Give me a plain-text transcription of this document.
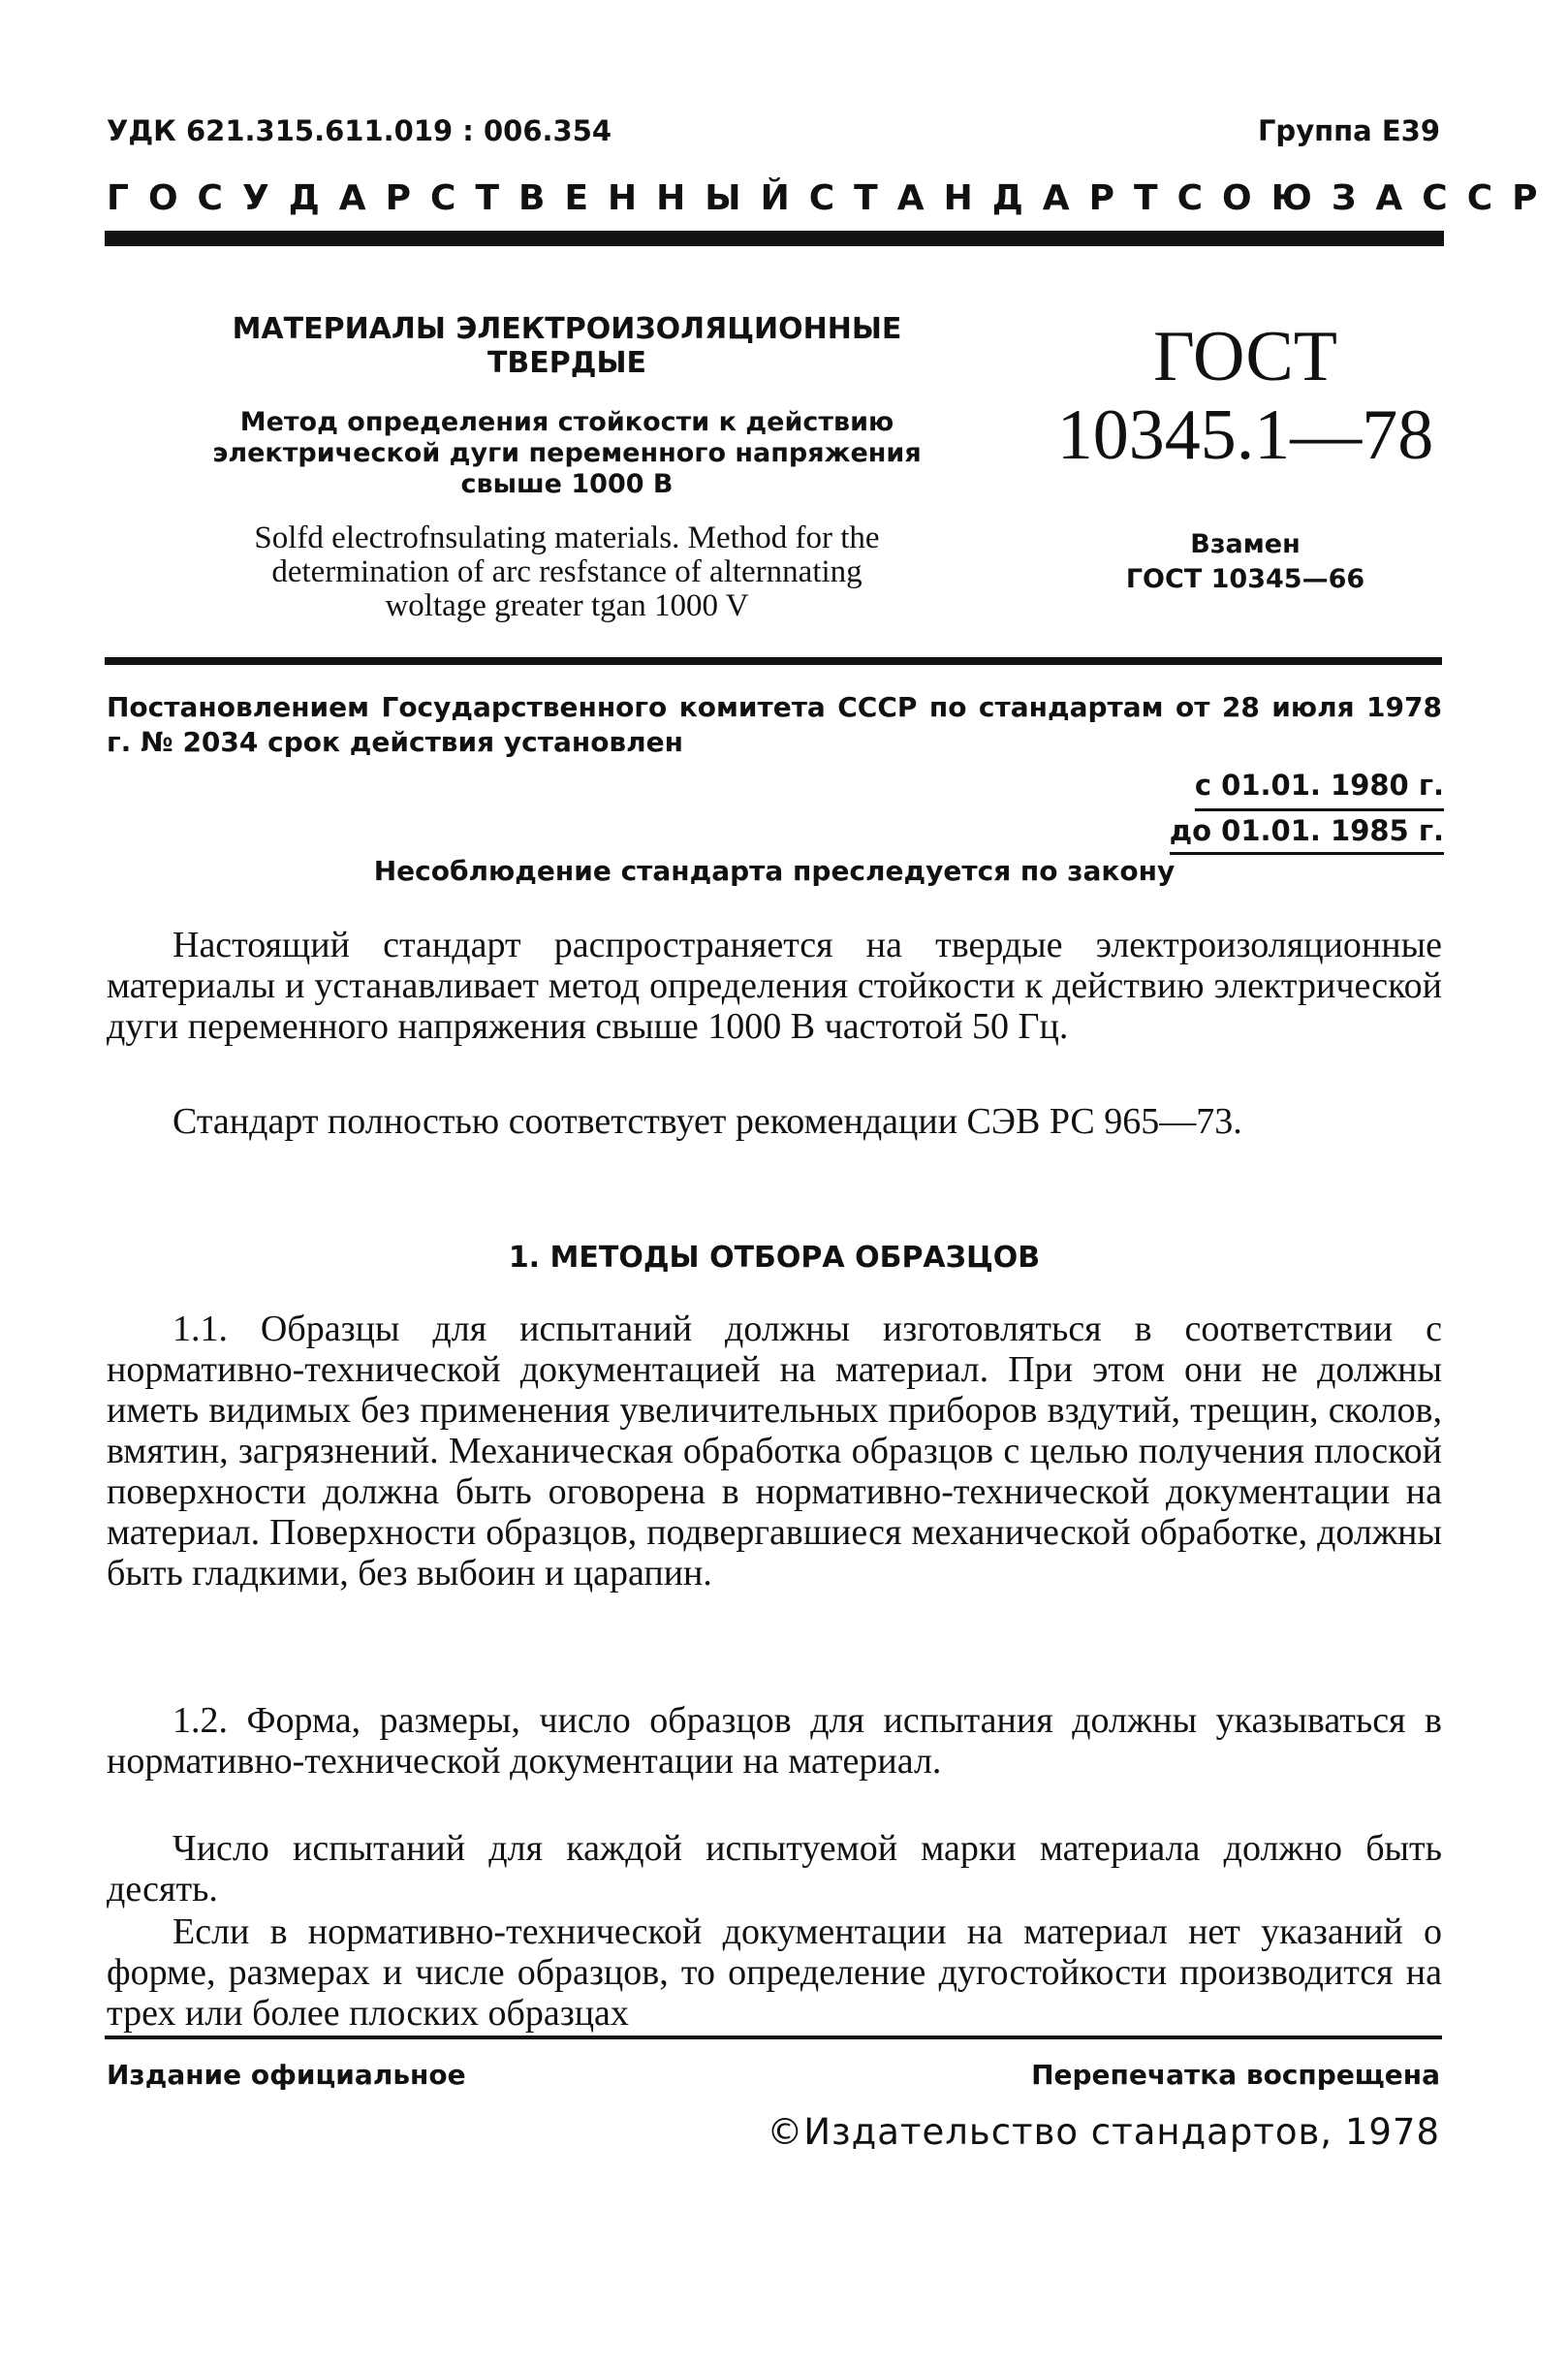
УДК 621.315.611.019 : 006.354	Группа Е39
ГОСУДАРСТВЕННЫЙ СТАНДАРТ СОЮЗА ССР
МАТЕРИАЛЫ ЭЛЕКТРОИЗОЛЯЦИОННЫЕ ТВЕРДЫЕ
Метод определения стойкости к действию
электрической дуги переменного напряжения
свыше 1000 В
Solfd electrofnsulating materials. Method for the
determination of arc resfstance of alternnating
woltage greater tgan 1000 V
ГОСТ
10345.1—78
Взамен
ГОСТ 10345—66
Постановлением Государственного комитета СССР по стандартам от 28 июля 1978 г. № 2034 срок действия установлен
с 01.01. 1980 г.
до 01.01. 1985 г.
Несоблюдение стандарта преследуется по закону
Настоящий стандарт распространяется на твердые электроизоляционные материалы и устанавливает метод определения стойкости к действию электрической дуги переменного напряжения свыше 1000 В частотой 50 Гц.
Стандарт полностью соответствует рекомендации СЭВ РС 965—73.
1. МЕТОДЫ ОТБОРА ОБРАЗЦОВ
1.1. Образцы для испытаний должны изготовляться в соответствии с нормативно-технической документацией на материал. При этом они не должны иметь видимых без применения увеличительных приборов вздутий, трещин, сколов, вмятин, загрязнений. Механическая обработка образцов с целью получения плоской поверхности должна быть оговорена в нормативно-технической документации на материал. Поверхности образцов, подвергавшиеся механической обработке, должны быть гладкими, без выбоин и царапин.
1.2. Форма, размеры, число образцов для испытания должны указываться в нормативно-технической документации на материал.
Число испытаний для каждой испытуемой марки материала должно быть десять.
Если в нормативно-технической документации на материал нет указаний о форме, размерах и числе образцов, то определение дугостойкости производится на трех или более плоских образцах
Издание официальное	Перепечатка воспрещена
©Издательство стандартов, 1978
